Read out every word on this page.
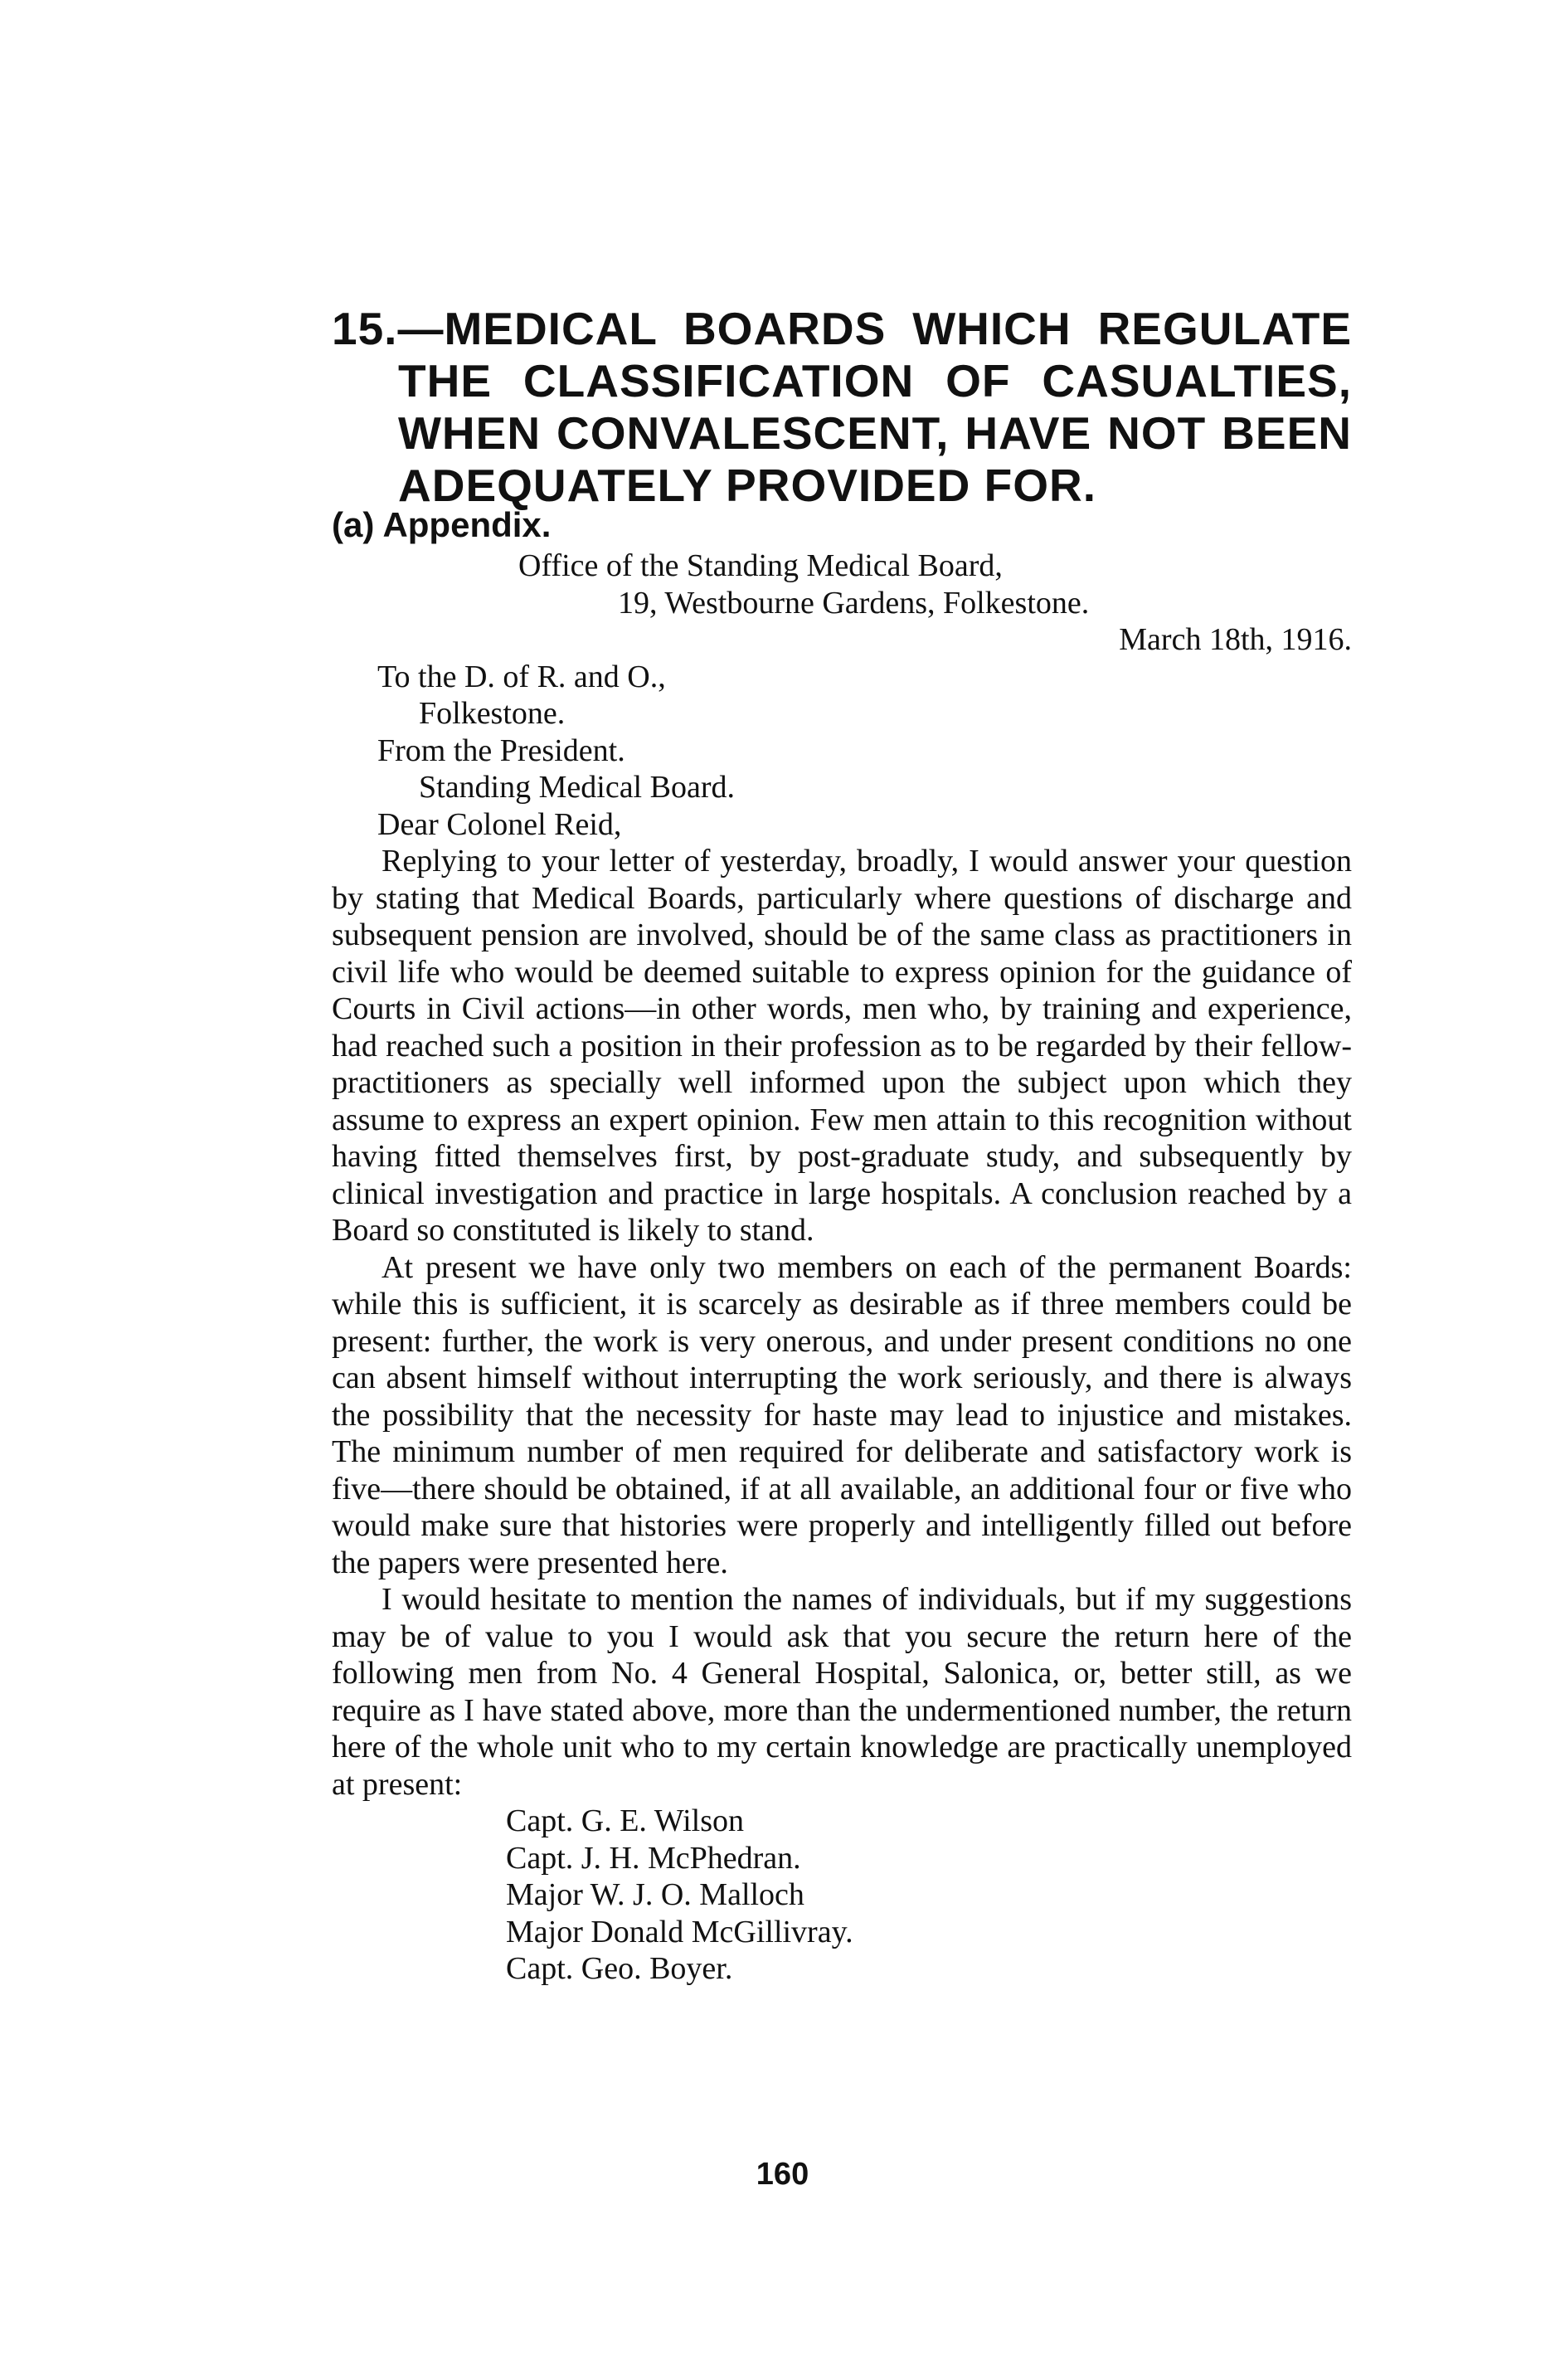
15.—MEDICAL BOARDS WHICH REGULATE
THE CLASSIFICATION OF CASUALTIES,
WHEN CONVALESCENT, HAVE NOT BEEN
ADEQUATELY PROVIDED FOR.
(a) Appendix.
Office of the Standing Medical Board,
19, Westbourne Gardens, Folkestone.
March 18th, 1916.
To the D. of R. and O.,
Folkestone.
From the President.
Standing Medical Board.
Dear Colonel Reid,

Replying to your letter of yesterday, broadly, I would answer your question by stating that Medical Boards, particularly where questions of discharge and subsequent pension are involved, should be of the same class as practitioners in civil life who would be deemed suitable to express opinion for the guidance of Courts in Civil actions—in other words, men who, by training and experience, had reached such a position in their profession as to be regarded by their fellow-practitioners as specially well informed upon the subject upon which they assume to express an expert opinion. Few men attain to this recognition without having fitted themselves first, by post-graduate study, and subsequently by clinical investigation and practice in large hospitals. A conclusion reached by a Board so constituted is likely to stand.

At present we have only two members on each of the permanent Boards: while this is sufficient, it is scarcely as desirable as if three members could be present: further, the work is very onerous, and under present conditions no one can absent himself without interrupting the work seriously, and there is always the possibility that the necessity for haste may lead to injustice and mistakes. The minimum number of men required for deliberate and satisfactory work is five—there should be obtained, if at all available, an additional four or five who would make sure that histories were properly and intelligently filled out before the papers were presented here.

I would hesitate to mention the names of individuals, but if my suggestions may be of value to you I would ask that you secure the return here of the following men from No. 4 General Hospital, Salonica, or, better still, as we require as I have stated above, more than the undermentioned number, the return here of the whole unit who to my certain knowledge are practically unemployed at present:

Capt. G. E. Wilson
Capt. J. H. McPhedran.
Major W. J. O. Malloch
Major Donald McGillivray.
Capt. Geo. Boyer.
160
